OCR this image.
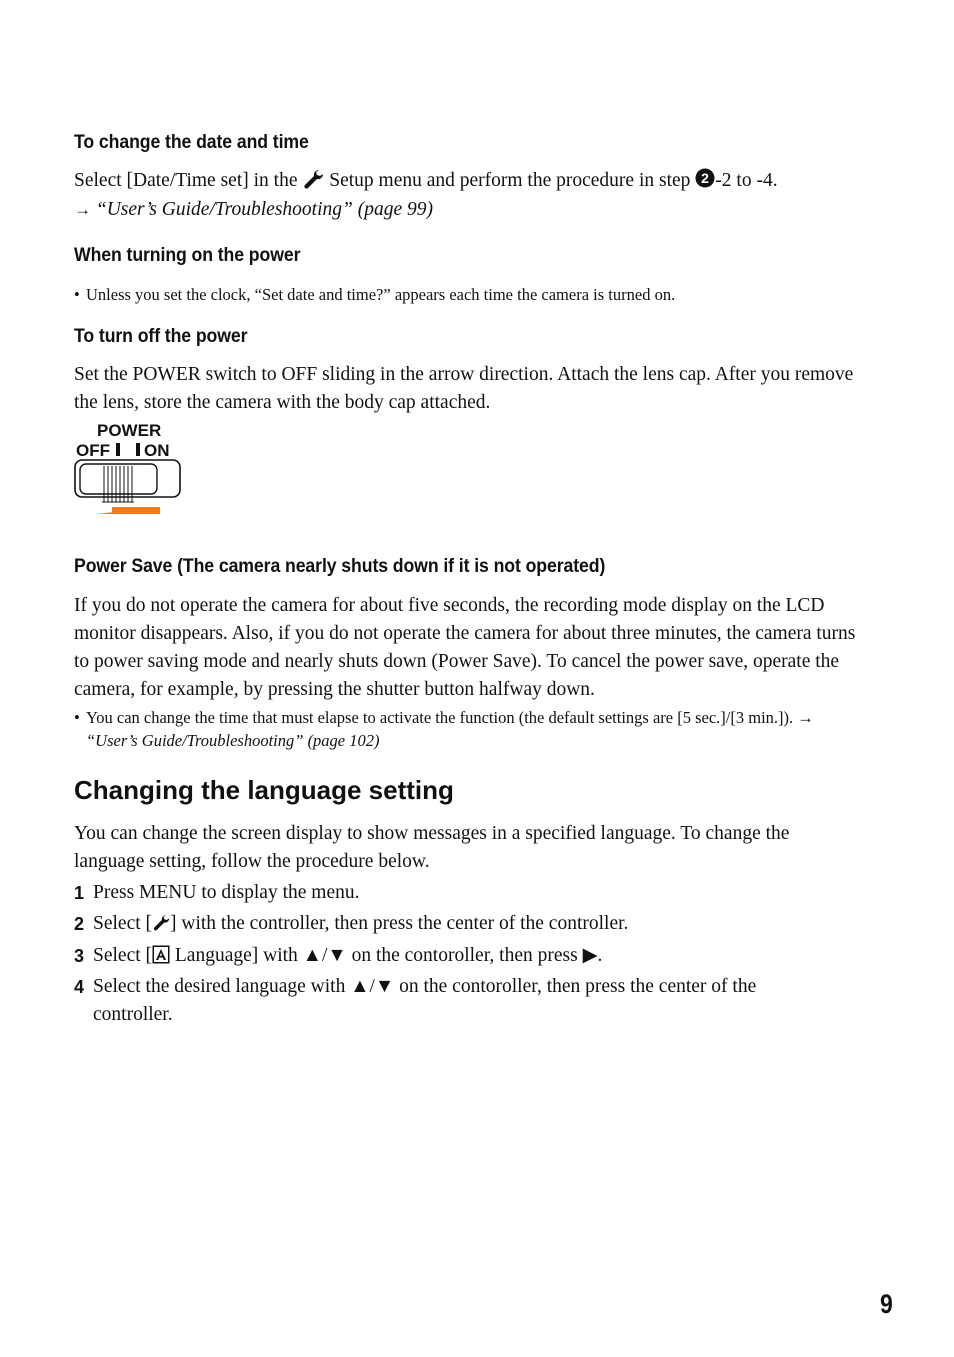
To change the date and time
Select [Date/Time set] in the Setup menu and perform the procedure in step 2 -2 to -4.
→ “User’s Guide/Troubleshooting” (page 99)
When turning on the power
• Unless you set the clock, “Set date and time?” appears each time the camera is turned on.
To turn off the power
Set the POWER switch to OFF sliding in the arrow direction. Attach the lens cap. After you remove the lens, store the camera with the body cap attached.
POWER
OFF ON
Power Save (The camera nearly shuts down if it is not operated)
If you do not operate the camera for about five seconds, the recording mode display on the LCD monitor disappears. Also, if you do not operate the camera for about three minutes, the camera turns to power saving mode and nearly shuts down (Power Save). To cancel the power save, operate the camera, for example, by pressing the shutter button halfway down.
• You can change the time that must elapse to activate the function (the default settings are [5 sec.]/[3 min.]). → “User’s Guide/Troubleshooting” (page 102)
Changing the language setting
You can change the screen display to show messages in a specified language. To change the language setting, follow the procedure below.
1 Press MENU to display the menu.
2 Select [ ] with the controller, then press the center of the controller.
3 Select [ Language] with ▲/▼ on the contoroller, then press ▶.
4 Select the desired language with ▲/▼ on the contoroller, then press the center of the controller.
9
